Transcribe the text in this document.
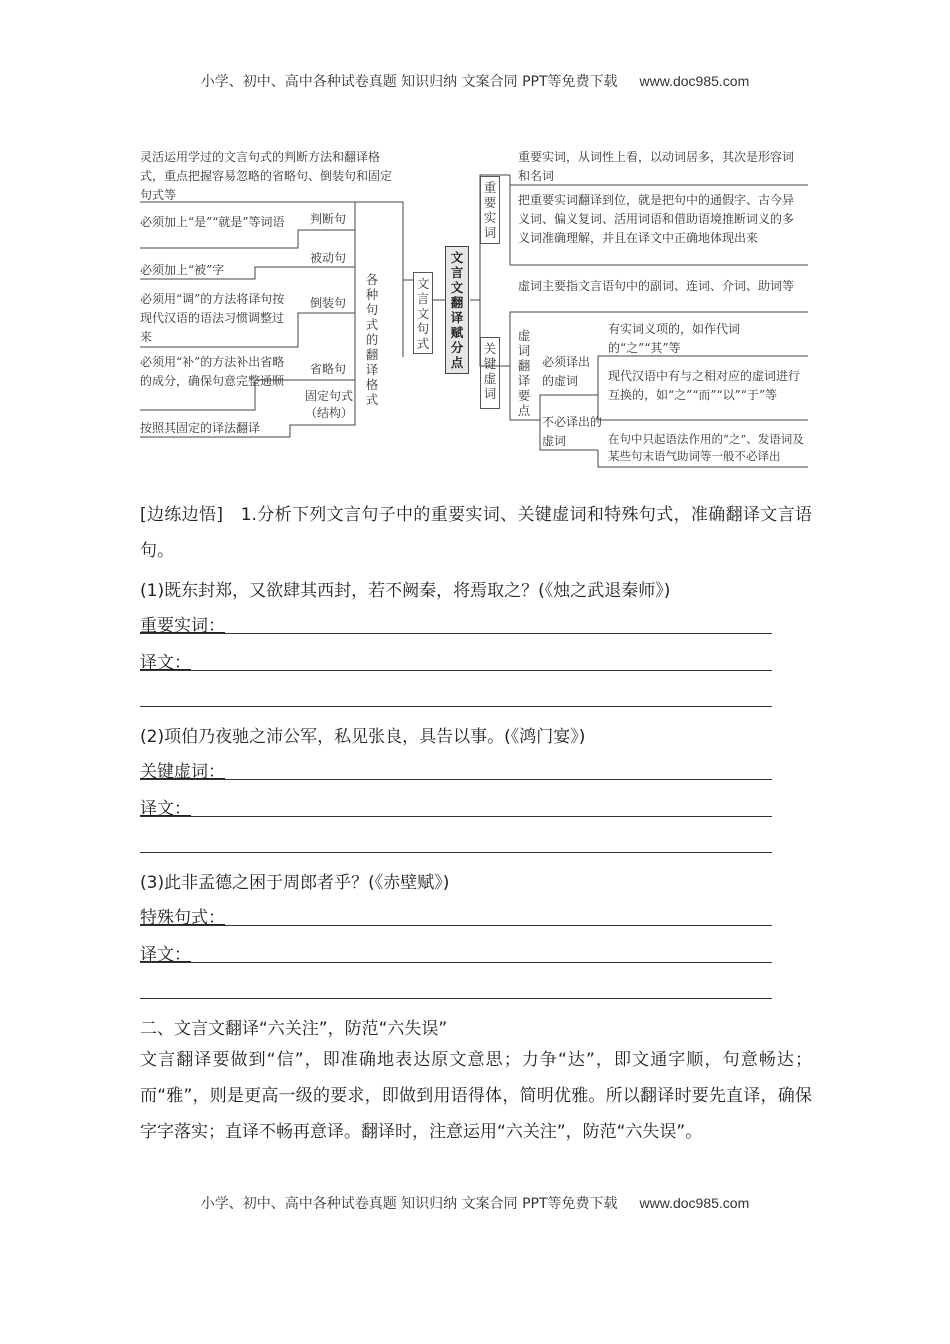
小学、初中、高中各种试卷真题 知识归纳 文案合同 PPT等免费下载 www.doc985.com
灵活运用学过的文言句式的判断方法和翻译格式，重点把握容易忽略的省略句、倒装句和固定句式等
必须加上“是”“就是”等词语	判断句
必须加上“被”字
被动句
必须用“调”的方法将译句按现代汉语的语法习惯调整过来
倒装句
必须用“补”的方法补出省略的成分，确保句意完整通顺
省略句
按照其固定的译法翻译
固定句式（结构）
各种句式的翻译格式
文言文句式
文言文翻译赋分点
重要实词
重要实词，从词性上看，以动词居多，其次是形容词和名词
把重要实词翻译到位，就是把句中的通假字、古今异义词、偏义复词、活用词语和借助语境推断词义的多义词准确理解，并且在译文中正确地体现出来
关键虚词
虚词主要指文言语句中的副词、连词、介词、助词等
虚词翻译要点
必须译出的虚词
有实词义项的，如作代词的“之”“其”等
现代汉语中有与之相对应的虚词进行互换的，如“之”“而”“以”“于”等
不必译出的虚词	在句中只起语法作用的“之”、发语词及某些句末语气助词等一般不必译出
[边练边悟]　1.分析下列文言句子中的重要实词、关键虚词和特殊句式，准确翻译文言语句。
(1)既东封郑，又欲肆其西封，若不阙秦，将焉取之？(《烛之武退秦师》)
重要实词：
译文：
(2)项伯乃夜驰之沛公军，私见张良，具告以事。(《鸿门宴》)
关键虚词：
译文：
(3)此非孟德之困于周郎者乎？(《赤壁赋》)
特殊句式：
译文：
二、文言文翻译“六关注”，防范“六失误”
文言翻译要做到“信”，即准确地表达原文意思；力争“达”，即文通字顺，句意畅达；而“雅”，则是更高一级的要求，即做到用语得体，简明优雅。所以翻译时要先直译，确保字字落实；直译不畅再意译。翻译时，注意运用“六关注”，防范“六失误”。
小学、初中、高中各种试卷真题 知识归纳 文案合同 PPT等免费下载 www.doc985.com
